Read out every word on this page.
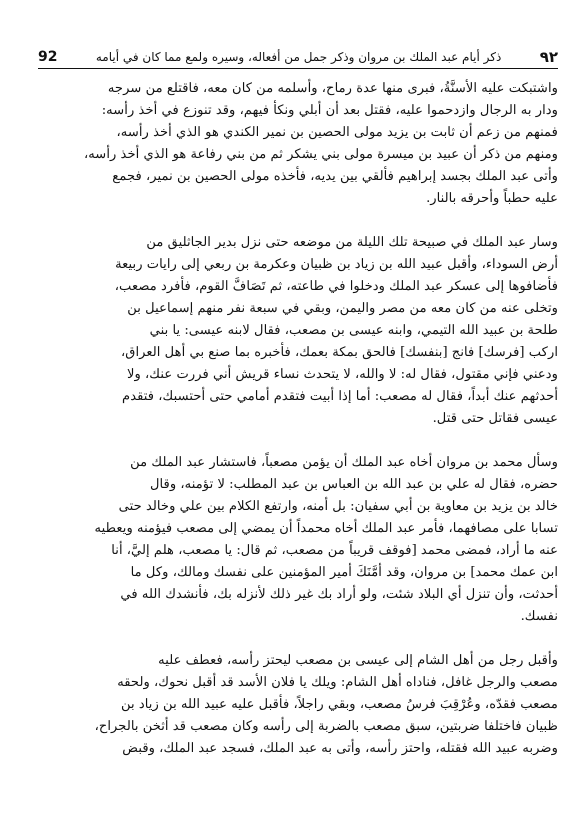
٩٢
ذكر أيام عبد الملك بن مروان وذكر جمل من أفعاله، وسيره ولمع مما كان في أيامه
92

واشتبكت عليه الأسنَّةُ، فبرى منها عدة رماح، وأسلمه من كان معه، فاقتلع من سرجه
ودار به الرجال وازدحموا عليه، فقتل بعد أن أبلي ونكأ فيهم، وقد تنوزع في أخذ رأسه:
فمنهم من زعم أن ثابت بن يزيد مولى الحصين بن نمير الكندي هو الذي أخذ رأسه،
ومنهم من ذكر أن عبيد بن ميسرة مولى بني يشكر ثم من بني رفاعة هو الذي أخذ رأسه،
وأتى عبد الملك بجسد إبراهيم فألقي بين يديه، فأخذه مولى الحصين بن نمير، فجمع
عليه حطباً وأحرقه بالنار.

وسار عبد الملك في صبيحة تلك الليلة من موضعه حتى نزل بدير الجاثليق من
أرض السوداء، وأقبل عبيد الله بن زياد بن ظبيان وعكرمة بن ربعي إلى رايات ربيعة
فأضافوها إلى عسكر عبد الملك ودخلوا في طاعته، ثم تَصَافَّ القوم، فأفرد مصعب،
وتخلى عنه من كان معه من مصر واليمن، وبقي في سبعة نفر منهم إسماعيل بن
طلحة بن عبيد الله التيمي، وابنه عيسى بن مصعب، فقال لابنه عيسى: يا بني
اركب [فرسك] فانج [بنفسك] فالحق بمكة بعمك، فأخبره بما صنع بي أهل العراق،
ودعني فإني مقتول، فقال له: لا والله، لا يتحدث نساء قريش أني فررت عنك، ولا
أحدثهم عنك أبداً، فقال له مصعب: أما إذا أبيت فتقدم أمامي حتى أحتسبك، فتقدم
عيسى فقاتل حتى قتل.

وسأل محمد بن مروان أخاه عبد الملك أن يؤمن مصعباً، فاستشار عبد الملك من
حضره، فقال له علي بن عبد الله بن العباس بن عبد المطلب: لا تؤمنه، وقال
خالد بن يزيد بن معاوية بن أبي سفيان: بل أمنه، وارتفع الكلام بين علي وخالد حتى
تسابا على مصافهما، فأمر عبد الملك أخاه محمداً أن يمضي إلى مصعب فيؤمنه ويعطيه
عنه ما أراد، فمضى محمد [فوقف قريباً من مصعب، ثم قال: يا مصعب، هلم إليَّ، أنا
ابن عمك محمد] بن مروان، وقد أمَّنَكَ أمير المؤمنين على نفسك ومالك، وكل ما
أحدثت، وأن تنزل أي البلاد شئت، ولو أراد بك غير ذلك لأنزله بك، فأنشدك الله في
نفسك.

وأقبل رجل من أهل الشام إلى عيسى بن مصعب ليحتز رأسه، فعطف عليه
مصعب والرجل غافل، فناداه أهل الشام: ويلك يا فلان الأسد قد أقبل نحوك، ولحقه
مصعب فقدّه، وعُرْقِبَ فرسُ مصعب، وبقي راجلاً، فأقبل عليه عبيد الله بن زياد بن
ظبيان فاختلفا ضربتين، سبق مصعب بالضربة إلى رأسه وكان مصعب قد أثخن بالجراح،
وضربه عبيد الله فقتله، واحتز رأسه، وأتى به عبد الملك، فسجد عبد الملك، وقبض
